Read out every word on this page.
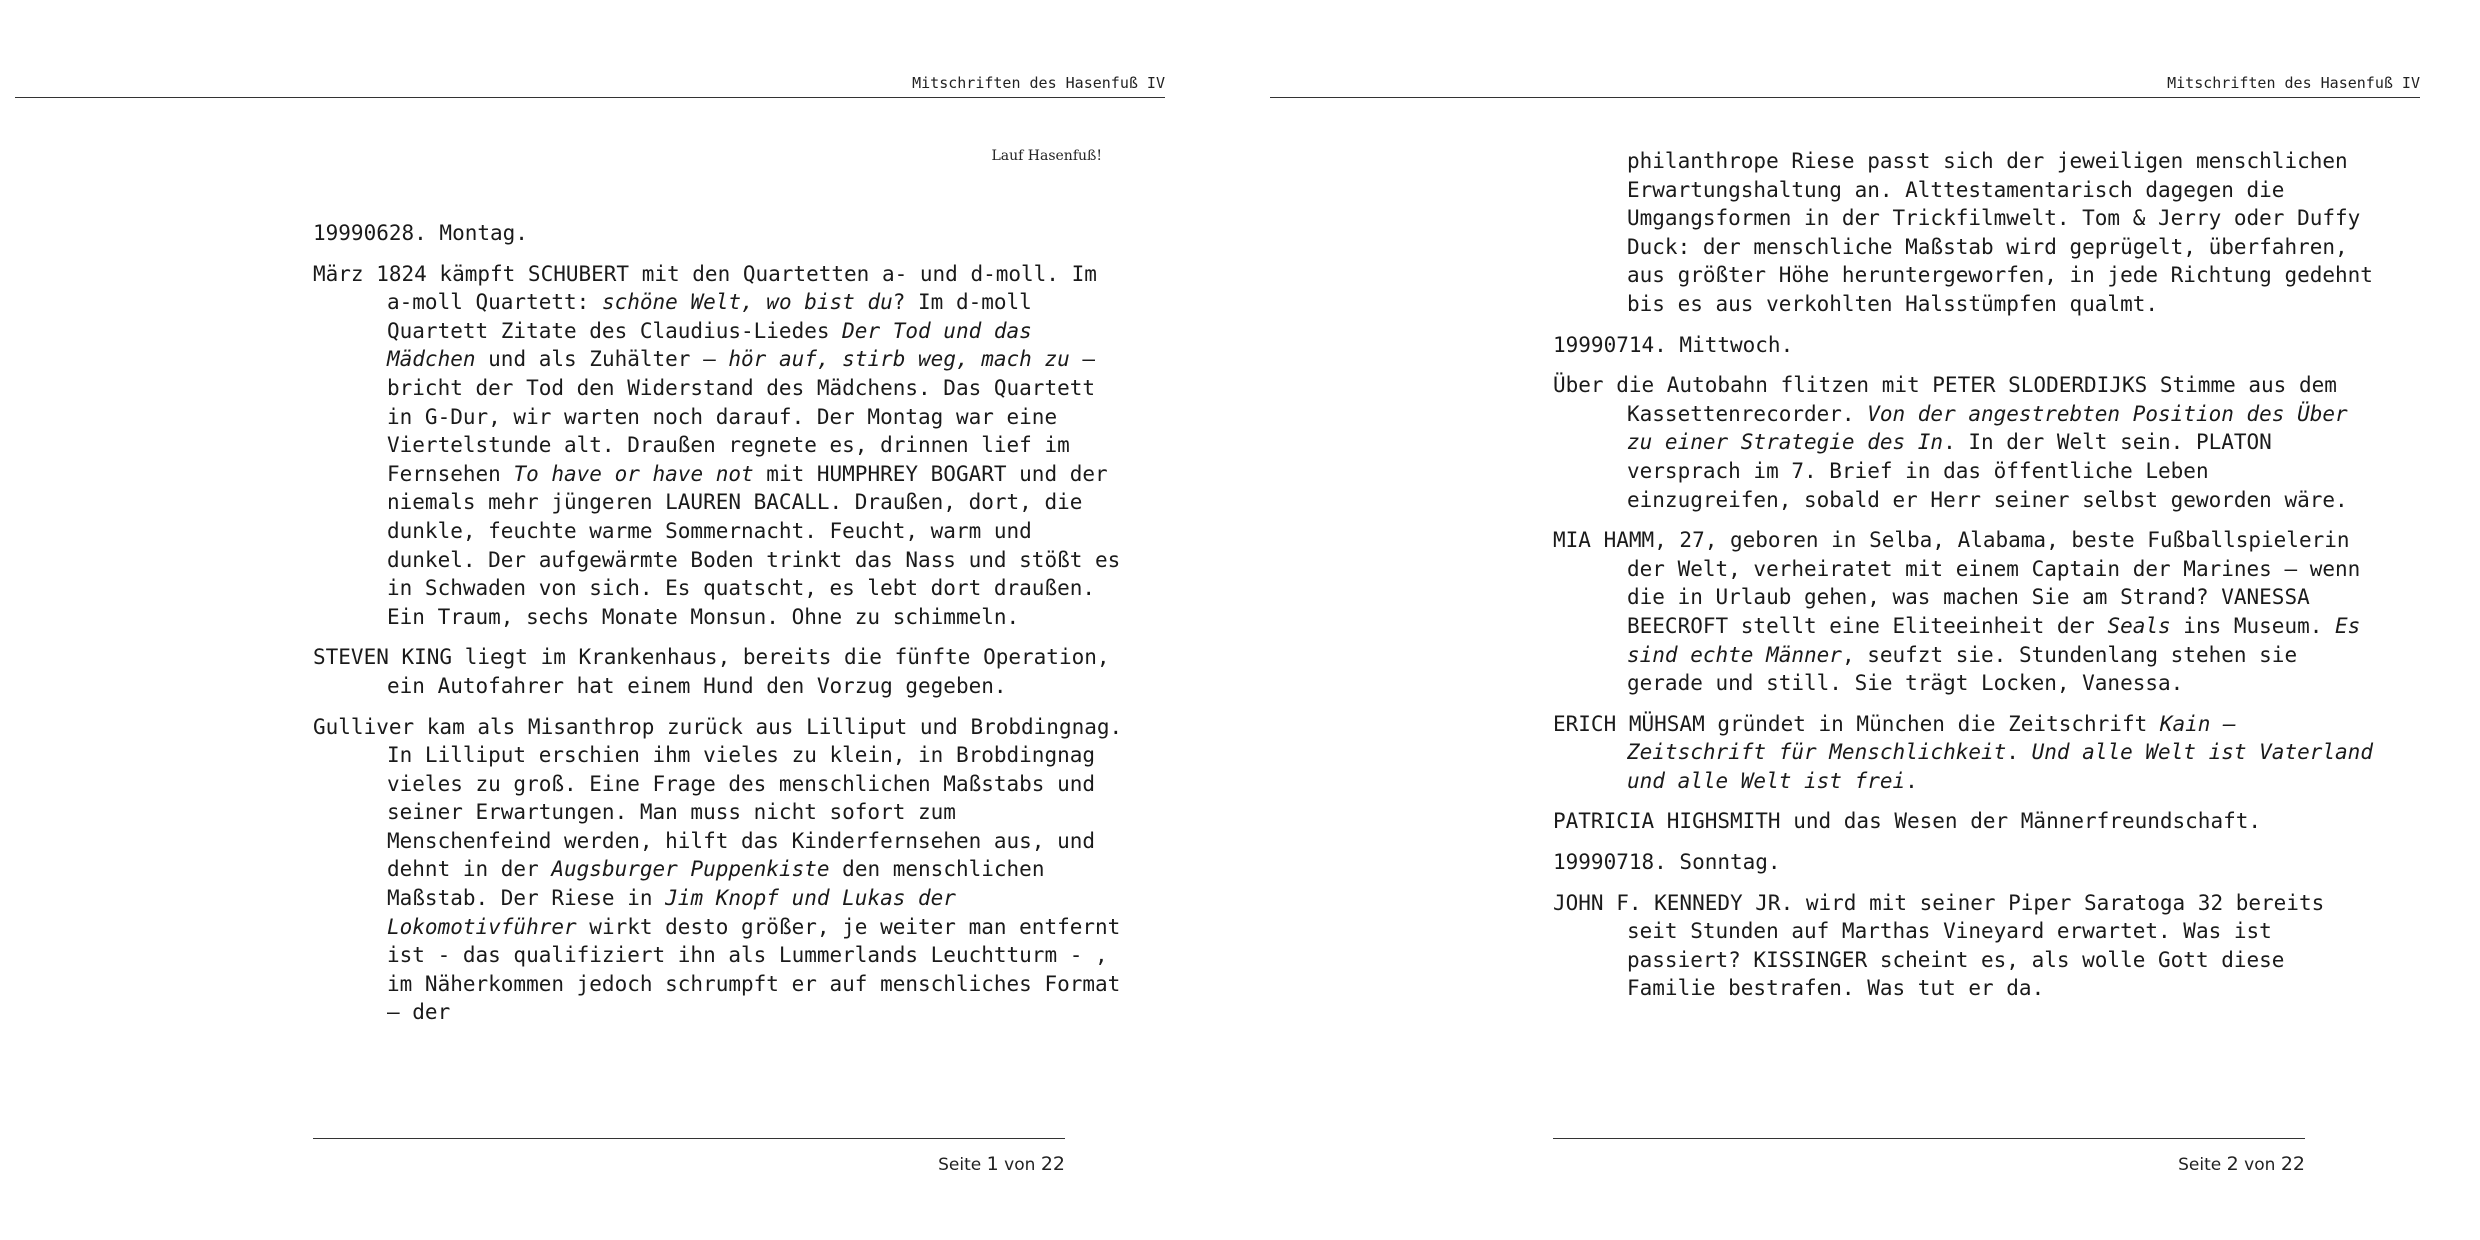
Mitschriften des Hasenfuß IV
Lauf Hasenfuß!

19990628. Montag.

März 1824 kämpft SCHUBERT mit den Quartetten a- und d-moll. Im a-moll Quartett: schöne Welt, wo bist du? Im d-moll Quartett Zitate des Claudius-Liedes Der Tod und das Mädchen und als Zuhälter – hör auf, stirb weg, mach zu – bricht der Tod den Widerstand des Mädchens. Das Quartett in G-Dur, wir warten noch darauf. Der Montag war eine Viertelstunde alt. Draußen regnete es, drinnen lief im Fernsehen To have or have not mit HUMPHREY BOGART und der niemals mehr jüngeren LAUREN BACALL. Draußen, dort, die dunkle, feuchte warme Sommernacht. Feucht, warm und dunkel. Der aufgewärmte Boden trinkt das Nass und stößt es in Schwaden von sich. Es quatscht, es lebt dort draußen. Ein Traum, sechs Monate Monsun. Ohne zu schimmeln.

STEVEN KING liegt im Krankenhaus, bereits die fünfte Operation, ein Autofahrer hat einem Hund den Vorzug gegeben.

Gulliver kam als Misanthrop zurück aus Lilliput und Brobdingnag. In Lilliput erschien ihm vieles zu klein, in Brobdingnag vieles zu groß. Eine Frage des menschlichen Maßstabs und seiner Erwartungen. Man muss nicht sofort zum Menschenfeind werden, hilft das Kinderfernsehen aus, und dehnt in der Augsburger Puppenkiste den menschlichen Maßstab. Der Riese in Jim Knopf und Lukas der Lokomotivführer wirkt desto größer, je weiter man entfernt ist - das qualifiziert ihn als Lummerlands Leuchtturm - , im Näherkommen jedoch schrumpft er auf menschliches Format – der

Seite 1 von 22
Mitschriften des Hasenfuß IV

philanthrope Riese passt sich der jeweiligen menschlichen Erwartungshaltung an. Alttestamentarisch dagegen die Umgangsformen in der Trickfilmwelt. Tom & Jerry oder Duffy Duck: der menschliche Maßstab wird geprügelt, überfahren, aus größter Höhe heruntergeworfen, in jede Richtung gedehnt bis es aus verkohlten Halsstümpfen qualmt.

19990714. Mittwoch.

Über die Autobahn flitzen mit PETER SLODERDIJKS Stimme aus dem Kassettenrecorder. Von der angestrebten Position des Über zu einer Strategie des In. In der Welt sein. PLATON versprach im 7. Brief in das öffentliche Leben einzugreifen, sobald er Herr seiner selbst geworden wäre.

MIA HAMM, 27, geboren in Selba, Alabama, beste Fußballspielerin der Welt, verheiratet mit einem Captain der Marines – wenn die in Urlaub gehen, was machen Sie am Strand? VANESSA BEECROFT stellt eine Eliteeinheit der Seals ins Museum. Es sind echte Männer, seufzt sie. Stundenlang stehen sie gerade und still. Sie trägt Locken, Vanessa.

ERICH MÜHSAM gründet in München die Zeitschrift Kain – Zeitschrift für Menschlichkeit. Und alle Welt ist Vaterland und alle Welt ist frei.

PATRICIA HIGHSMITH und das Wesen der Männerfreundschaft.

19990718. Sonntag.

JOHN F. KENNEDY JR. wird mit seiner Piper Saratoga 32 bereits seit Stunden auf Marthas Vineyard erwartet. Was ist passiert? KISSINGER scheint es, als wolle Gott diese Familie bestrafen. Was tut er da.

Seite 2 von 22
